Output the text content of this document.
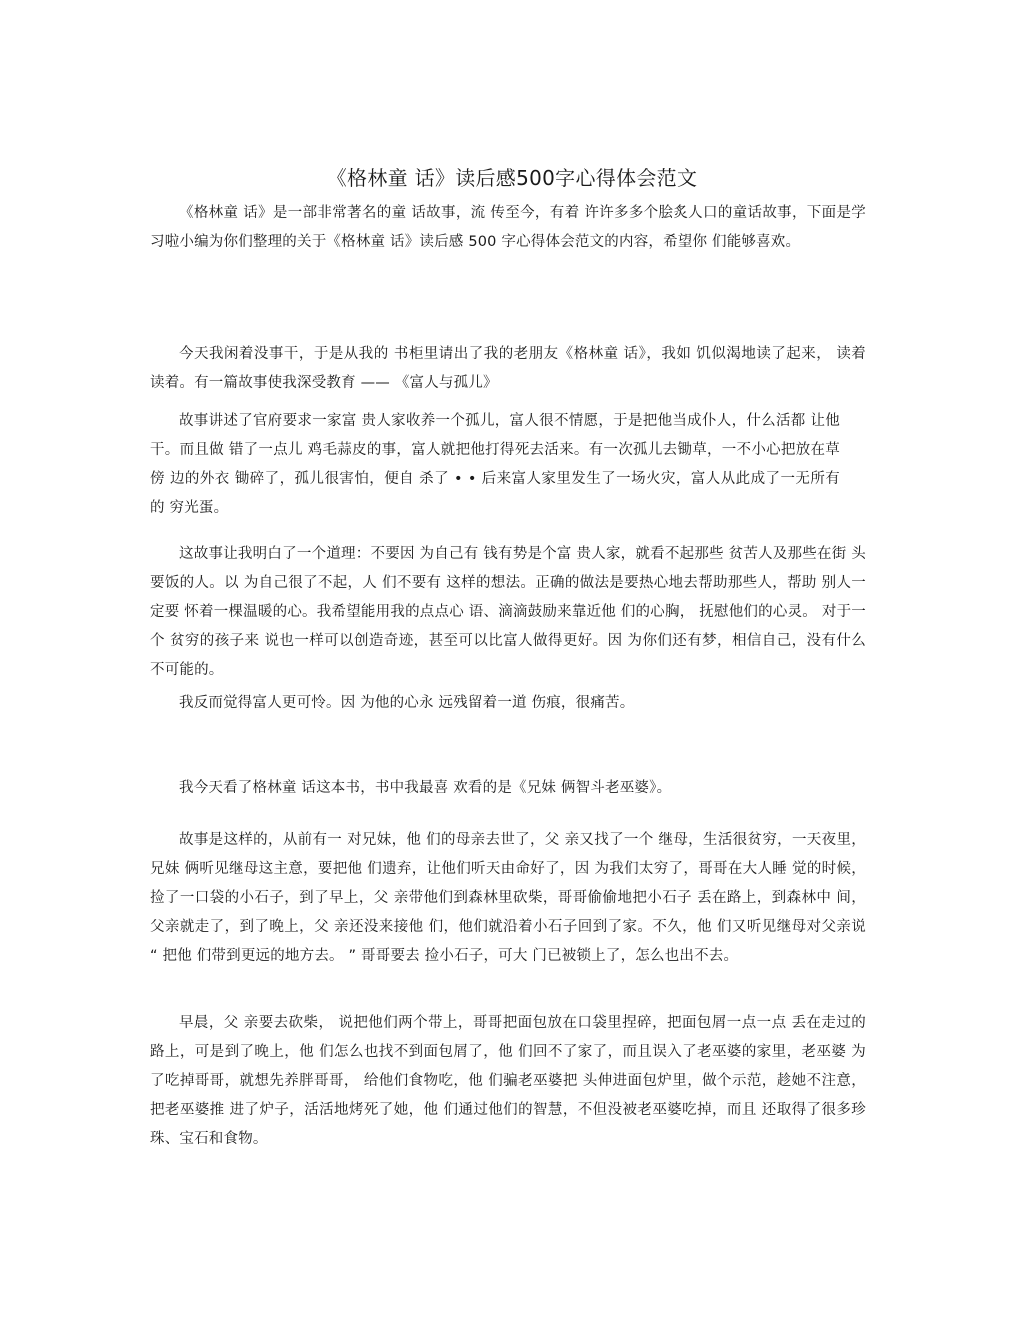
《格林童 话》读后感500字心得体会范文

《格林童 话》是一部非常著名的童 话故事，流 传至今，有着 许许多多个脍炙人口的童话故事，下面是学 习啦小编为你们整理的关于《格林童 话》读后感 500 字心得体会范文的内容，希望你 们能够喜欢。

今天我闲着没事干，于是从我的 书柜里请出了我的老朋友《格林童 话》，我如 饥似渴地读了起来， 读着读着。有一篇故事使我深受教育 —— 《富人与孤儿》

故事讲述了官府要求一家富 贵人家收养一个孤儿，富人很不情愿，于是把他当成仆人，什么活都 让他干。而且做 错了一点儿 鸡毛蒜皮的事，富人就把他打得死去活来。有一次孤儿去锄草，一不小心把放在草傍 边的外衣 锄碎了，孤儿很害怕，便自 杀了 • • 后来富人家里发生了一场火灾，富人从此成了一无所有的 穷光蛋。

这故事让我明白了一个道理：不要因 为自己有 钱有势是个富 贵人家，就看不起那些 贫苦人及那些在街 头要饭的人。以 为自己很了不起，人 们不要有 这样的想法。正确的做法是要热心地去帮助那些人，帮助 别人一定要 怀着一棵温暖的心。我希望能用我的点点心 语、滴滴鼓励来靠近他 们的心胸， 抚慰他们的心灵。 对于一个 贫穷的孩子来 说也一样可以创造奇迹，甚至可以比富人做得更好。因 为你们还有梦，相信自己，没有什么不可能的。

我反而觉得富人更可怜。因 为他的心永 远残留着一道 伤痕，很痛苦。

我今天看了格林童 话这本书，书中我最喜 欢看的是《兄妹 俩智斗老巫婆》。

故事是这样的，从前有一 对兄妹，他 们的母亲去世了，父 亲又找了一个 继母，生活很贫穷，一天夜里，兄妹 俩听见继母这主意，要把他 们遗弃，让他们听天由命好了，因 为我们太穷了，哥哥在大人睡 觉的时候，捡了一口袋的小石子，到了早上，父 亲带他们到森林里砍柴，哥哥偷偷地把小石子 丢在路上，到森林中 间，父亲就走了，到了晚上，父 亲还没来接他 们，他们就沿着小石子回到了家。不久，他 们又听见继母对父亲说 “ 把他 们带到更远的地方去。 ” 哥哥要去 捡小石子，可大 门已被锁上了，怎么也出不去。

早晨，父 亲要去砍柴， 说把他们两个带上，哥哥把面包放在口袋里捏碎，把面包屑一点一点 丢在走过的路上，可是到了晚上，他 们怎么也找不到面包屑了，他 们回不了家了，而且误入了老巫婆的家里，老巫婆 为了吃掉哥哥，就想先养胖哥哥， 给他们食物吃，他 们骗老巫婆把 头伸进面包炉里，做个示范，趁她不注意，把老巫婆推 进了炉子，活活地烤死了她，他 们通过他们的智慧，不但没被老巫婆吃掉，而且 还取得了很多珍珠、宝石和食物。
